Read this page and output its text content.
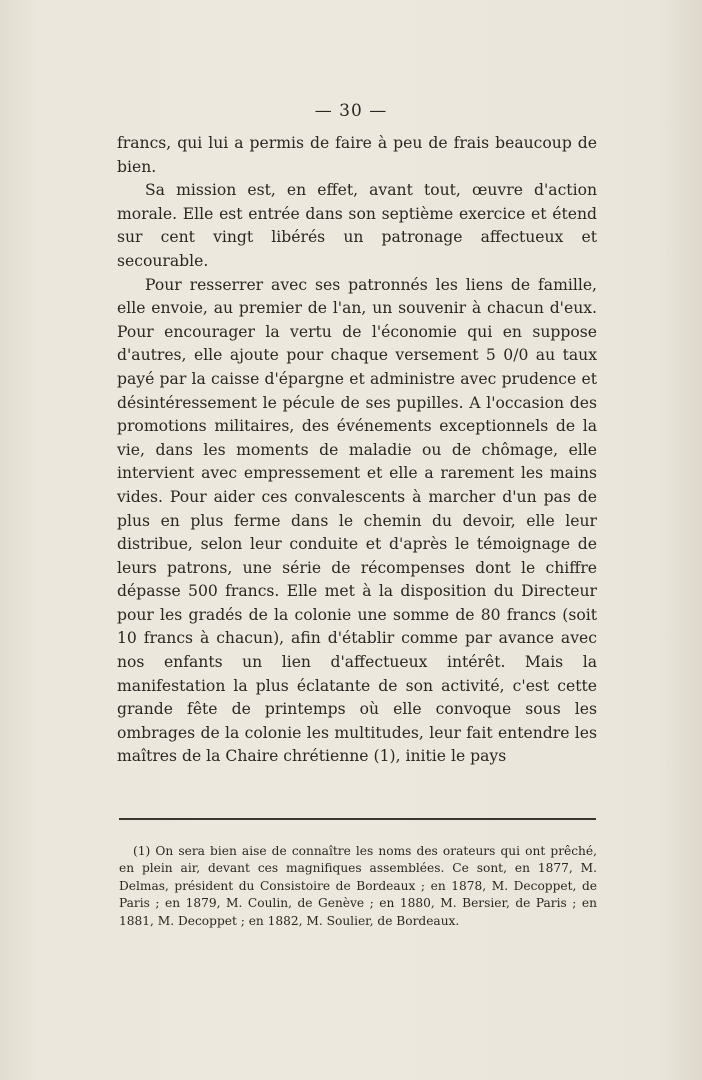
— 30 —

francs, qui lui a permis de faire à peu de frais beaucoup de bien.

Sa mission est, en effet, avant tout, œuvre d'action morale. Elle est entrée dans son septième exercice et étend sur cent vingt libérés un patronage affectueux et secourable.

Pour resserrer avec ses patronnés les liens de famille, elle envoie, au premier de l'an, un souvenir à chacun d'eux. Pour encourager la vertu de l'économie qui en suppose d'autres, elle ajoute pour chaque versement 5 0/0 au taux payé par la caisse d'épargne et administre avec prudence et désintéressement le pécule de ses pupilles. A l'occasion des promotions militaires, des événements exceptionnels de la vie, dans les moments de maladie ou de chômage, elle intervient avec empressement et elle a rarement les mains vides. Pour aider ces convalescents à marcher d'un pas de plus en plus ferme dans le chemin du devoir, elle leur distribue, selon leur conduite et d'après le témoignage de leurs patrons, une série de récompenses dont le chiffre dépasse 500 francs. Elle met à la disposition du Directeur pour les gradés de la colonie une somme de 80 francs (soit 10 francs à chacun), afin d'établir comme par avance avec nos enfants un lien d'affectueux intérêt. Mais la manifestation la plus éclatante de son activité, c'est cette grande fête de printemps où elle convoque sous les ombrages de la colonie les multitudes, leur fait entendre les maîtres de la Chaire chrétienne (1), initie le pays

(1) On sera bien aise de connaître les noms des orateurs qui ont prêché, en plein air, devant ces magnifiques assemblées. Ce sont, en 1877, M. Delmas, président du Consistoire de Bordeaux ; en 1878, M. Decoppet, de Paris ; en 1879, M. Coulin, de Genève ; en 1880, M. Bersier, de Paris ; en 1881, M. Decoppet ; en 1882, M. Soulier, de Bordeaux.
